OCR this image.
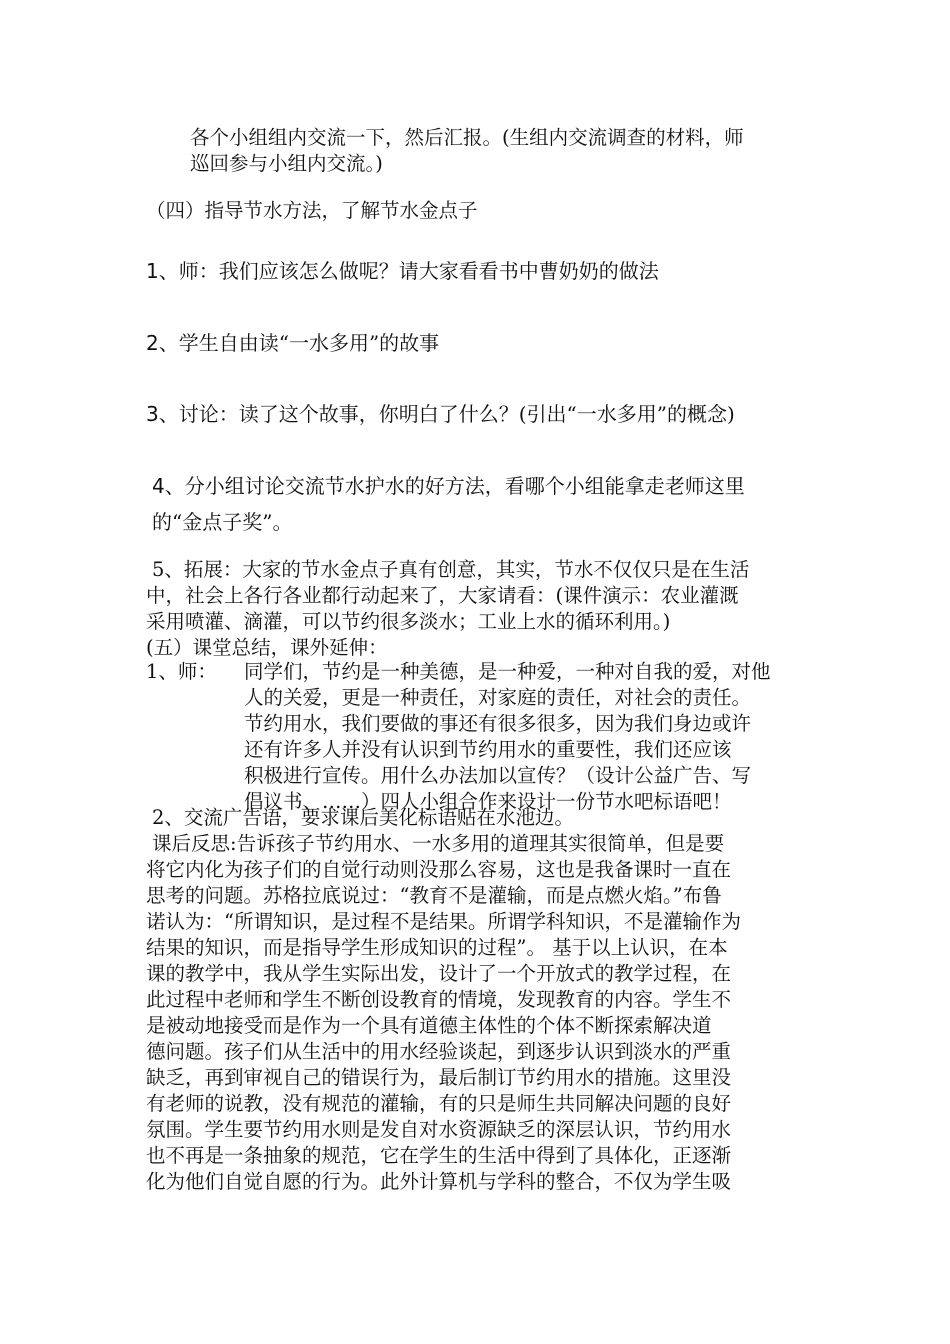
各个小组组内交流一下，然后汇报。(生组内交流调查的材料，师
巡回参与小组内交流。)
（四）指导节水方法，了解节水金点子
1、师：我们应该怎么做呢？请大家看看书中曹奶奶的做法
2、学生自由读“一水多用”的故事
3、讨论：读了这个故事，你明白了什么？(引出“一水多用”的概念)
4、分小组讨论交流节水护水的好方法，看哪个小组能拿走老师这里
的“金点子奖”。
5、拓展：大家的节水金点子真有创意，其实，节水不仅仅只是在生活
中，社会上各行各业都行动起来了，大家请看：(课件演示：农业灌溉
采用喷灌、滴灌，可以节约很多淡水；工业上水的循环利用。)
(五）课堂总结，课外延伸：
1、师： 同学们，节约是一种美德，是一种爱，一种对自我的爱，对他
人的关爱，更是一种责任，对家庭的责任，对社会的责任。
节约用水，我们要做的事还有很多很多，因为我们身边或许
还有许多人并没有认识到节约用水的重要性，我们还应该
积极进行宣传。用什么办法加以宣传？（设计公益广告、写
倡议书、……）四人小组合作来设计一份节水吧标语吧！
2、交流广告语，要求课后美化标语贴在水池边。
课后反思:告诉孩子节约用水、一水多用的道理其实很简单，但是要
将它内化为孩子们的自觉行动则没那么容易，这也是我备课时一直在
思考的问题。苏格拉底说过：“教育不是灌输，而是点燃火焰。”布鲁
诺认为：“所谓知识，是过程不是结果。所谓学科知识，不是灌输作为
结果的知识，而是指导学生形成知识的过程”。 基于以上认识，在本
课的教学中，我从学生实际出发，设计了一个开放式的教学过程，在
此过程中老师和学生不断创设教育的情境，发现教育的内容。学生不
是被动地接受而是作为一个具有道德主体性的个体不断探索解决道
德问题。孩子们从生活中的用水经验谈起，到逐步认识到淡水的严重
缺乏，再到审视自己的错误行为，最后制订节约用水的措施。这里没
有老师的说教，没有规范的灌输，有的只是师生共同解决问题的良好
氛围。学生要节约用水则是发自对水资源缺乏的深层认识，节约用水
也不再是一条抽象的规范，它在学生的生活中得到了具体化，正逐渐
化为他们自觉自愿的行为。此外计算机与学科的整合，不仅为学生吸
